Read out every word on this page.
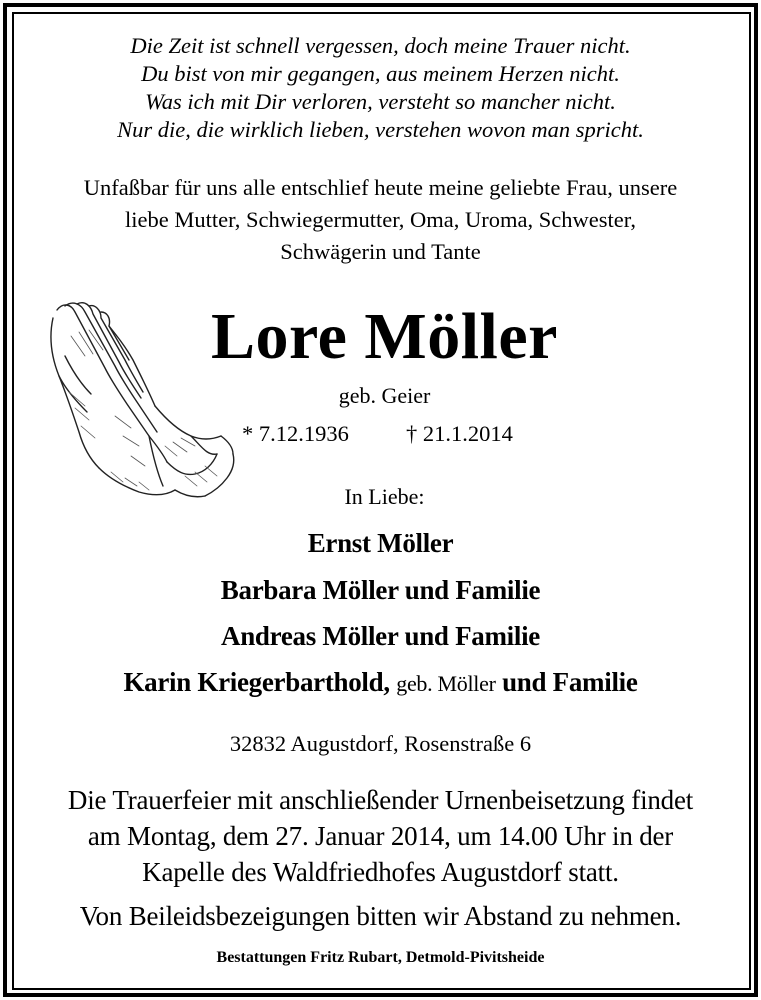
Die Zeit ist schnell vergessen, doch meine Trauer nicht.
Du bist von mir gegangen, aus meinem Herzen nicht.
Was ich mit Dir verloren, versteht so mancher nicht.
Nur die, die wirklich lieben, verstehen wovon man spricht.
Unfaßbar für uns alle entschlief heute meine geliebte Frau, unsere
liebe Mutter, Schwiegermutter, Oma, Uroma, Schwester,
Schwägerin und Tante
Lore Möller
geb. Geier
* 7.12.1936	† 21.1.2014
In Liebe:
Ernst Möller
Barbara Möller und Familie
Andreas Möller und Familie
Karin Kriegerbarthold, geb. Möller und Familie
32832 Augustdorf, Rosenstraße 6
Die Trauerfeier mit anschließender Urnenbeisetzung findet
am Montag, dem 27. Januar 2014, um 14.00 Uhr in der
Kapelle des Waldfriedhofes Augustdorf statt.
Von Beileidsbezeigungen bitten wir Abstand zu nehmen.
Bestattungen Fritz Rubart, Detmold-Pivitsheide
